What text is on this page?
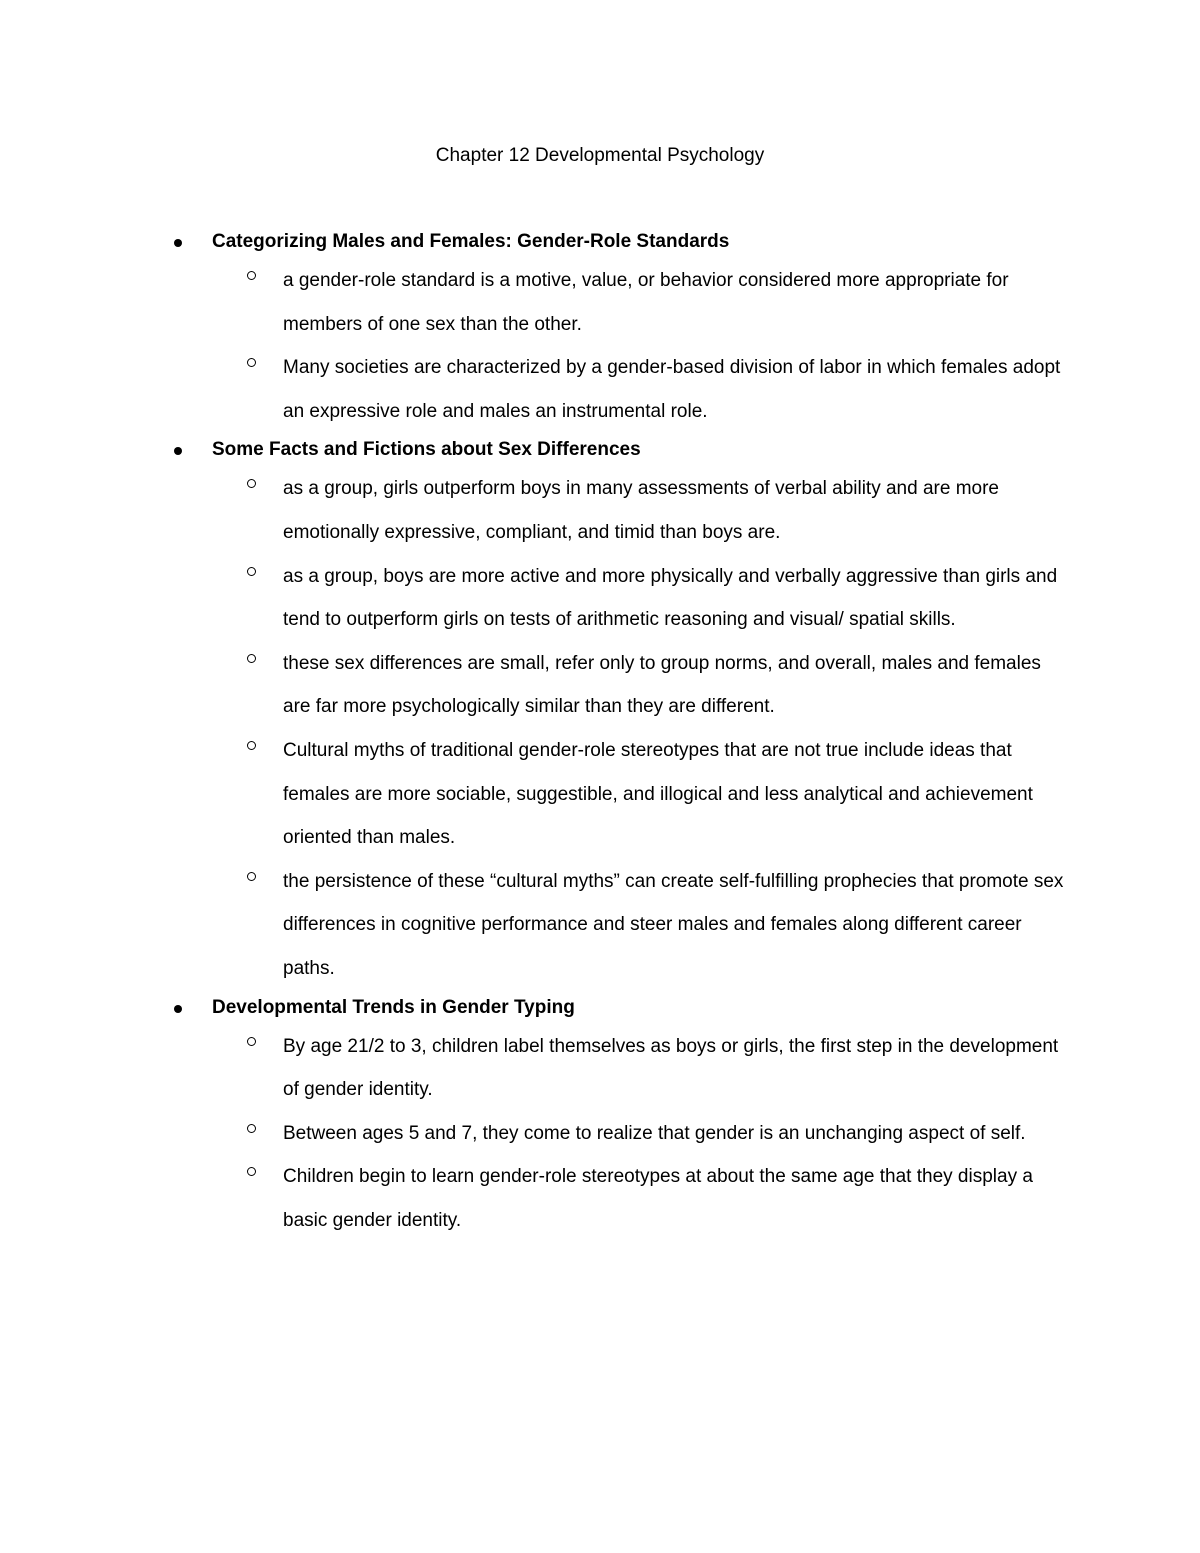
Chapter 12 Developmental Psychology
Categorizing Males and Females: Gender-Role Standards
a gender-role standard is a motive, value, or behavior considered more appropriate for members of one sex than the other.
Many societies are characterized by a gender-based division of labor in which females adopt an expressive role and males an instrumental role.
Some Facts and Fictions about Sex Differences
as a group, girls outperform boys in many assessments of verbal ability and are more emotionally expressive, compliant, and timid than boys are.
as a group, boys are more active and more physically and verbally aggressive than girls and tend to outperform girls on tests of arithmetic reasoning and visual/ spatial skills.
these sex differences are small, refer only to group norms, and overall, males and females are far more psychologically similar than they are different.
Cultural myths of traditional gender-role stereotypes that are not true include ideas that females are more sociable, suggestible, and illogical and less analytical and achievement oriented than males.
the persistence of these “cultural myths” can create self-fulfilling prophecies that promote sex differences in cognitive performance and steer males and females along different career paths.
Developmental Trends in Gender Typing
By age 21/2 to 3, children label themselves as boys or girls, the first step in the development of gender identity.
Between ages 5 and 7, they come to realize that gender is an unchanging aspect of self.
Children begin to learn gender-role stereotypes at about the same age that they display a basic gender identity.
